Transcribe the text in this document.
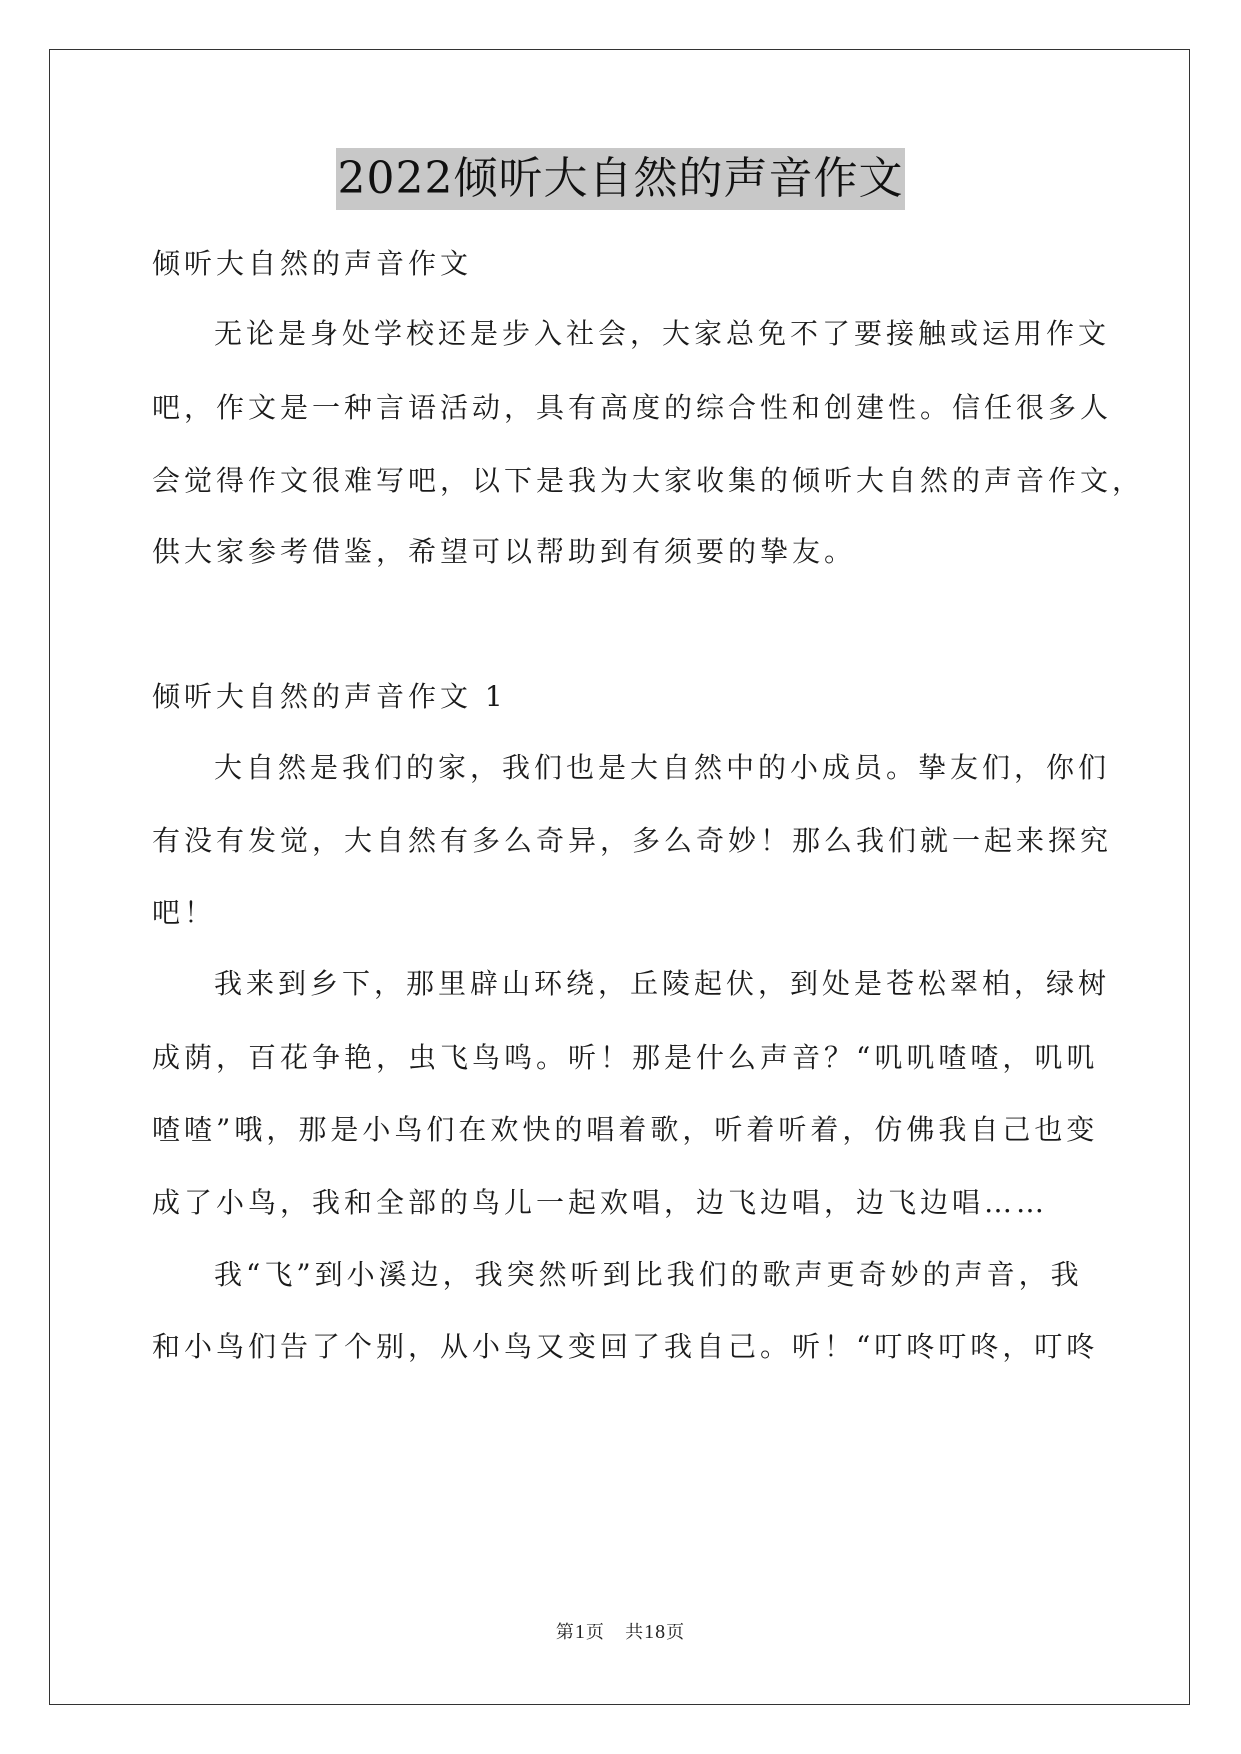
2022倾听大自然的声音作文
倾听大自然的声音作文
无论是身处学校还是步入社会，大家总免不了要接触或运用作文
吧，作文是一种言语活动，具有高度的综合性和创建性。信任很多人
会觉得作文很难写吧，以下是我为大家收集的倾听大自然的声音作文，
供大家参考借鉴，希望可以帮助到有须要的挚友。
倾听大自然的声音作文 1
大自然是我们的家，我们也是大自然中的小成员。挚友们，你们
有没有发觉，大自然有多么奇异，多么奇妙！那么我们就一起来探究
吧！
我来到乡下，那里辟山环绕，丘陵起伏，到处是苍松翠柏，绿树
成荫，百花争艳，虫飞鸟鸣。听！那是什么声音？“叽叽喳喳，叽叽
喳喳”哦，那是小鸟们在欢快的唱着歌，听着听着，仿佛我自己也变
成了小鸟，我和全部的鸟儿一起欢唱，边飞边唱，边飞边唱……
我“飞”到小溪边，我突然听到比我们的歌声更奇妙的声音，我
和小鸟们告了个别，从小鸟又变回了我自己。听！“叮咚叮咚，叮咚
第1页 共18页
